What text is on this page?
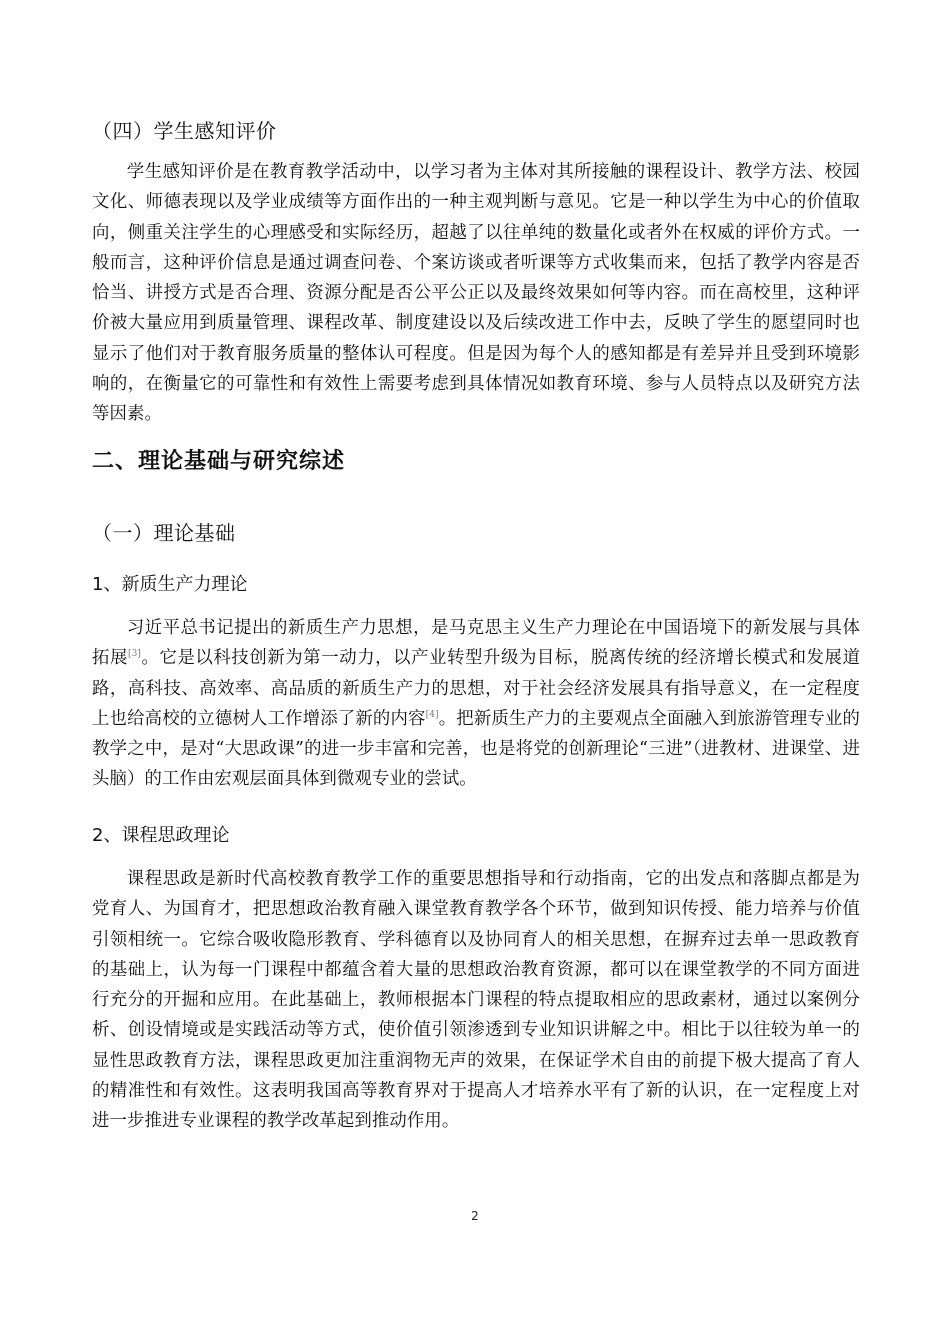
（四）学生感知评价

学生感知评价是在教育教学活动中，以学习者为主体对其所接触的课程设计、教学方法、校园文化、师德表现以及学业成绩等方面作出的一种主观判断与意见。它是一种以学生为中心的价值取向，侧重关注学生的心理感受和实际经历，超越了以往单纯的数量化或者外在权威的评价方式。一般而言，这种评价信息是通过调查问卷、个案访谈或者听课等方式收集而来，包括了教学内容是否恰当、讲授方式是否合理、资源分配是否公平公正以及最终效果如何等内容。而在高校里，这种评价被大量应用到质量管理、课程改革、制度建设以及后续改进工作中去，反映了学生的愿望同时也显示了他们对于教育服务质量的整体认可程度。但是因为每个人的感知都是有差异并且受到环境影响的，在衡量它的可靠性和有效性上需要考虑到具体情况如教育环境、参与人员特点以及研究方法等因素。

二、理论基础与研究综述
（一）理论基础
1、新质生产力理论

习近平总书记提出的新质生产力思想，是马克思主义生产力理论在中国语境下的新发展与具体拓展[3]。它是以科技创新为第一动力，以产业转型升级为目标，脱离传统的经济增长模式和发展道路，高科技、高效率、高品质的新质生产力的思想，对于社会经济发展具有指导意义，在一定程度上也给高校的立德树人工作增添了新的内容[4]。把新质生产力的主要观点全面融入到旅游管理专业的教学之中，是对“大思政课”的进一步丰富和完善，也是将党的创新理论“三进”（进教材、进课堂、进头脑）的工作由宏观层面具体到微观专业的尝试。

2、课程思政理论

课程思政是新时代高校教育教学工作的重要思想指导和行动指南，它的出发点和落脚点都是为党育人、为国育才，把思想政治教育融入课堂教育教学各个环节，做到知识传授、能力培养与价值引领相统一。它综合吸收隐形教育、学科德育以及协同育人的相关思想，在摒弃过去单一思政教育的基础上，认为每一门课程中都蕴含着大量的思想政治教育资源，都可以在课堂教学的不同方面进行充分的开掘和应用。在此基础上，教师根据本门课程的特点提取相应的思政素材，通过以案例分析、创设情境或是实践活动等方式，使价值引领渗透到专业知识讲解之中。相比于以往较为单一的显性思政教育方法，课程思政更加注重润物无声的效果，在保证学术自由的前提下极大提高了育人的精准性和有效性。这表明我国高等教育界对于提高人才培养水平有了新的认识，在一定程度上对进一步推进专业课程的教学改革起到推动作用。

2
